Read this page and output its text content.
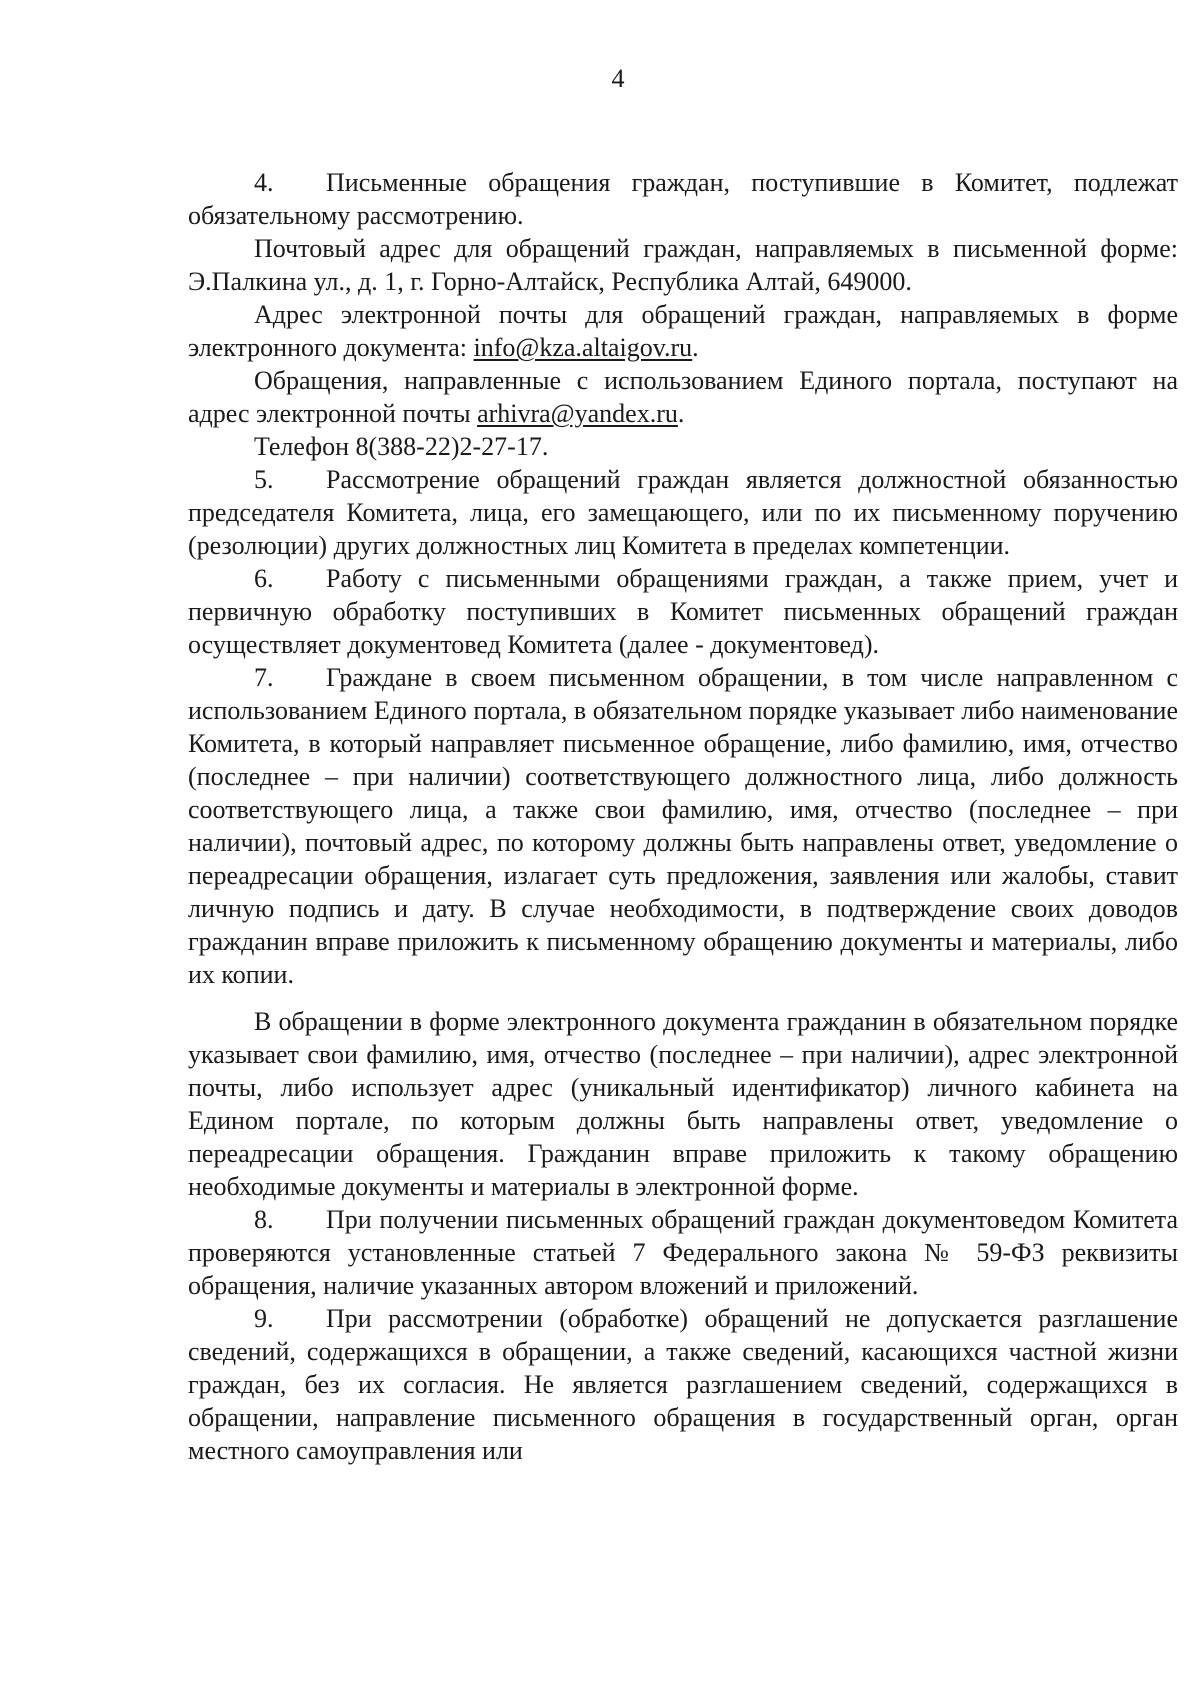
4

4. Письменные обращения граждан, поступившие в Комитет, подлежат обязательному рассмотрению.

Почтовый адрес для обращений граждан, направляемых в письменной форме: Э.Палкина ул., д. 1, г. Горно-Алтайск, Республика Алтай, 649000.

Адрес электронной почты для обращений граждан, направляемых в форме электронного документа: info@kza.altaigov.ru.

Обращения, направленные с использованием Единого портала, поступают на адрес электронной почты arhivra@yandex.ru.

Телефон 8(388-22)2-27-17.

5. Рассмотрение обращений граждан является должностной обязанностью председателя Комитета, лица, его замещающего, или по их письменному поручению (резолюции) других должностных лиц Комитета в пределах компетенции.

6. Работу с письменными обращениями граждан, а также прием, учет и первичную обработку поступивших в Комитет письменных обращений граждан осуществляет документовед Комитета (далее - документовед).

7. Граждане в своем письменном обращении, в том числе направленном с использованием Единого портала, в обязательном порядке указывает либо наименование Комитета, в который направляет письменное обращение, либо фамилию, имя, отчество (последнее – при наличии) соответствующего должностного лица, либо должность соответствующего лица, а также свои фамилию, имя, отчество (последнее – при наличии), почтовый адрес, по которому должны быть направлены ответ, уведомление о переадресации обращения, излагает суть предложения, заявления или жалобы, ставит личную подпись и дату. В случае необходимости, в подтверждение своих доводов гражданин вправе приложить к письменному обращению документы и материалы, либо их копии.

В обращении в форме электронного документа гражданин в обязательном порядке указывает свои фамилию, имя, отчество (последнее – при наличии), адрес электронной почты, либо использует адрес (уникальный идентификатор) личного кабинета на Едином портале, по которым должны быть направлены ответ, уведомление о переадресации обращения. Гражданин вправе приложить к такому обращению необходимые документы и материалы в электронной форме.

8. При получении письменных обращений граждан документоведом Комитета проверяются установленные статьей 7 Федерального закона № 59-ФЗ реквизиты обращения, наличие указанных автором вложений и приложений.

9. При рассмотрении (обработке) обращений не допускается разглашение сведений, содержащихся в обращении, а также сведений, касающихся частной жизни граждан, без их согласия. Не является разглашением сведений, содержащихся в обращении, направление письменного обращения в государственный орган, орган местного самоуправления или
